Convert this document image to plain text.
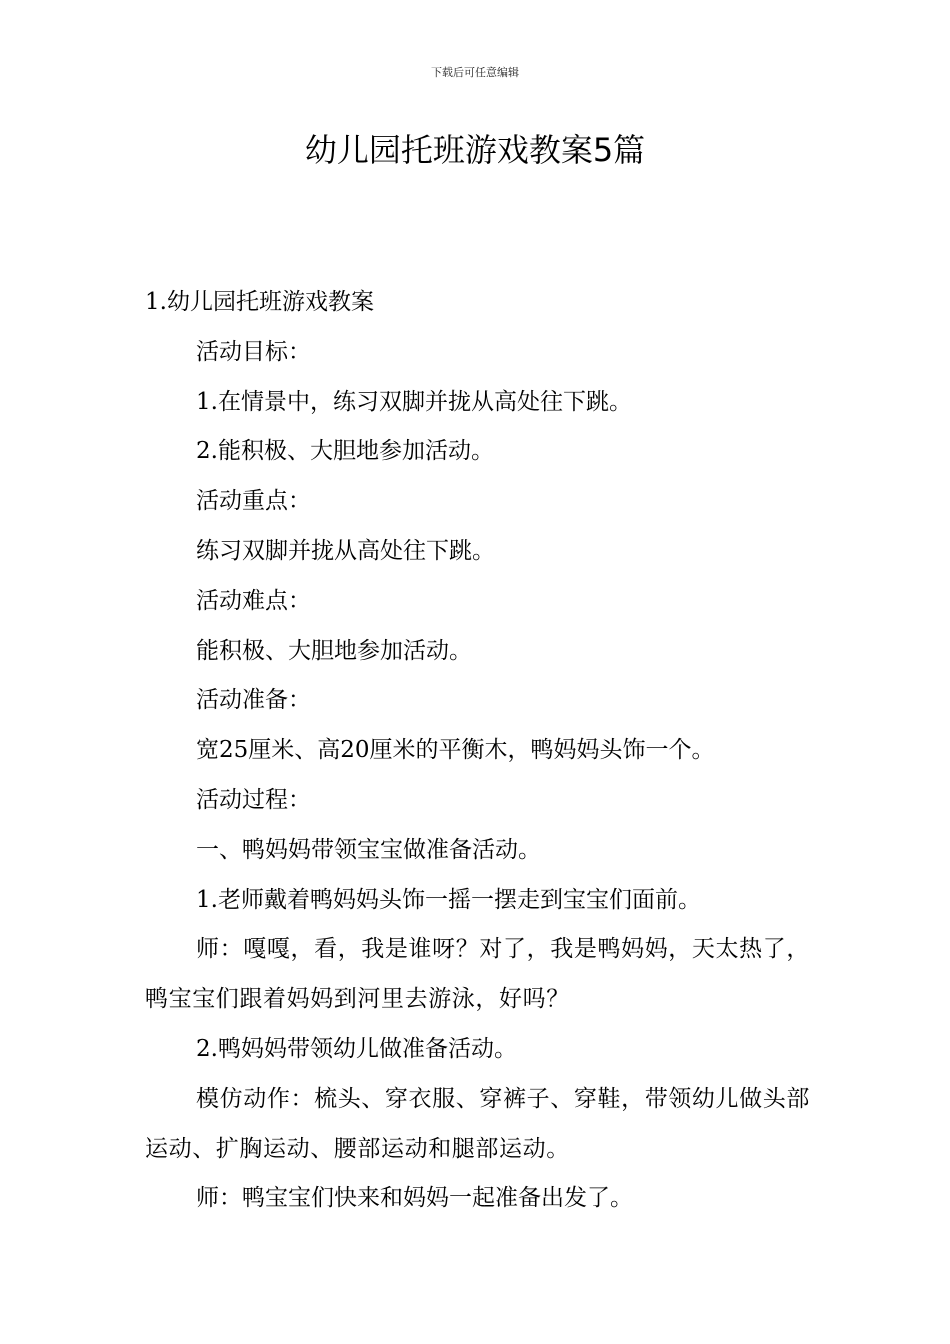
下载后可任意编辑
幼儿园托班游戏教案5篇

1.幼儿园托班游戏教案

活动目标：

1.在情景中，练习双脚并拢从高处往下跳。

2.能积极、大胆地参加活动。

活动重点：

练习双脚并拢从高处往下跳。

活动难点：

能积极、大胆地参加活动。

活动准备：

宽25厘米、高20厘米的平衡木，鸭妈妈头饰一个。

活动过程：

一、鸭妈妈带领宝宝做准备活动。

1.老师戴着鸭妈妈头饰一摇一摆走到宝宝们面前。

师：嘎嘎，看，我是谁呀？对了，我是鸭妈妈，天太热了，鸭宝宝们跟着妈妈到河里去游泳，好吗？

2.鸭妈妈带领幼儿做准备活动。

模仿动作：梳头、穿衣服、穿裤子、穿鞋，带领幼儿做头部运动、扩胸运动、腰部运动和腿部运动。

师：鸭宝宝们快来和妈妈一起准备出发了。
